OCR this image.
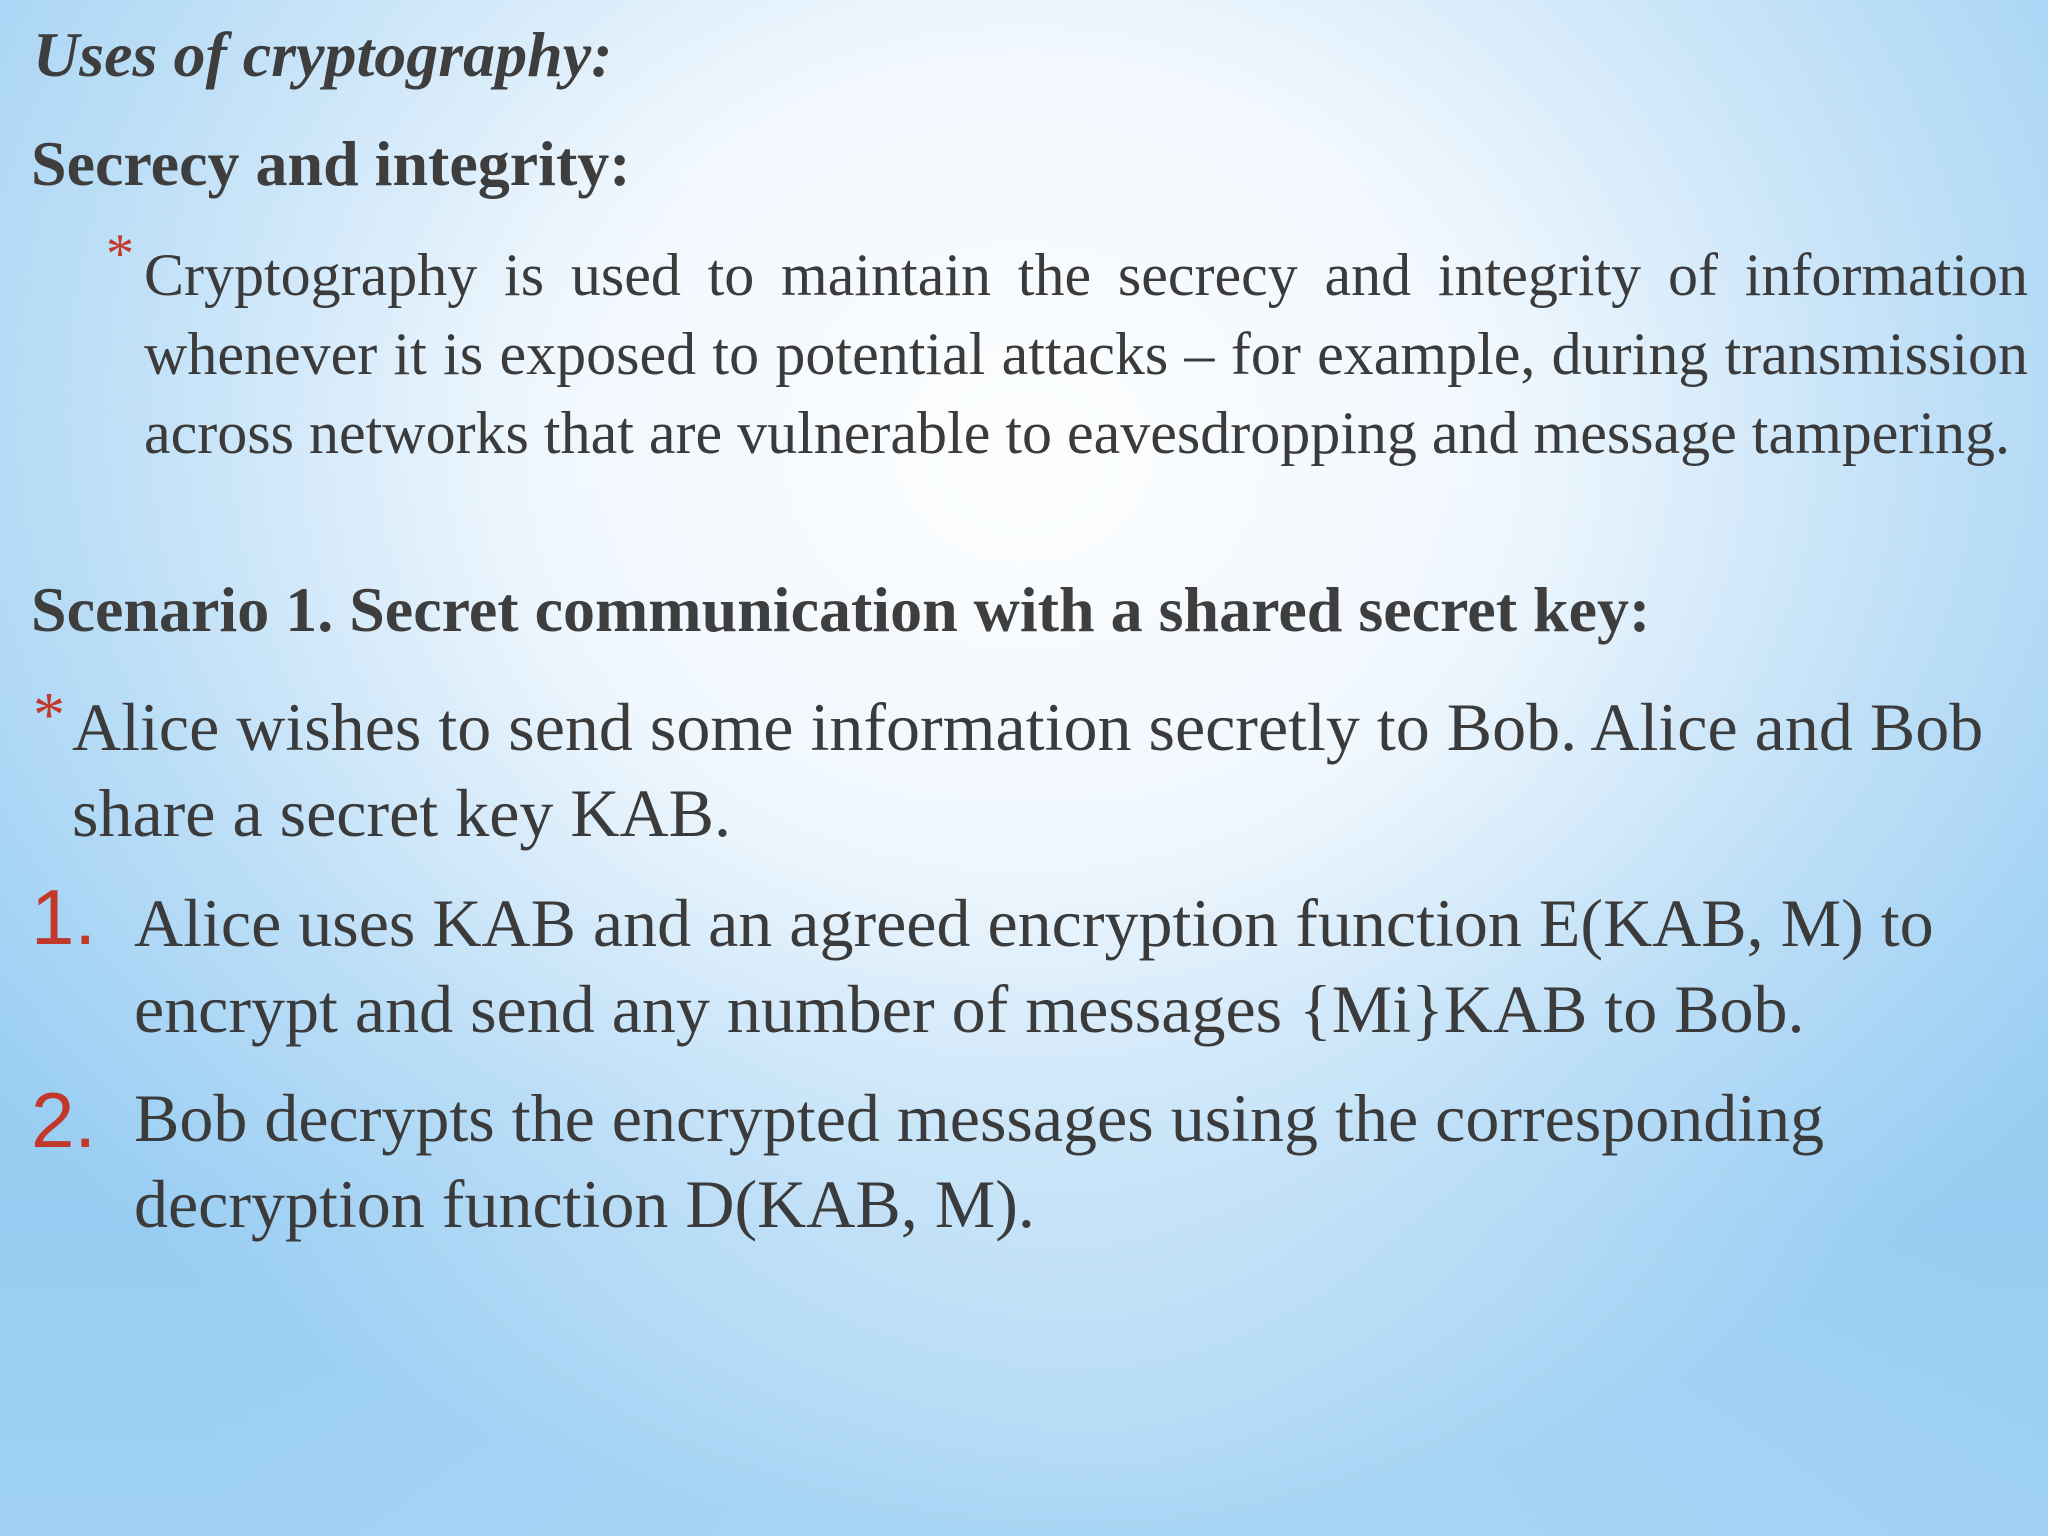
Uses of cryptography:
Secrecy and integrity:
* Cryptography is used to maintain the secrecy and integrity of information whenever it is exposed to potential attacks – for example, during transmission across networks that are vulnerable to eavesdropping and message tampering.
Scenario 1. Secret communication with a shared secret key:
* Alice wishes to send some information secretly to Bob. Alice and Bob share a secret key KAB.
1. Alice uses KAB and an agreed encryption function E(KAB, M) to encrypt and send any number of messages {Mi}KAB to Bob.
2. Bob decrypts the encrypted messages using the corresponding decryption function D(KAB, M).
